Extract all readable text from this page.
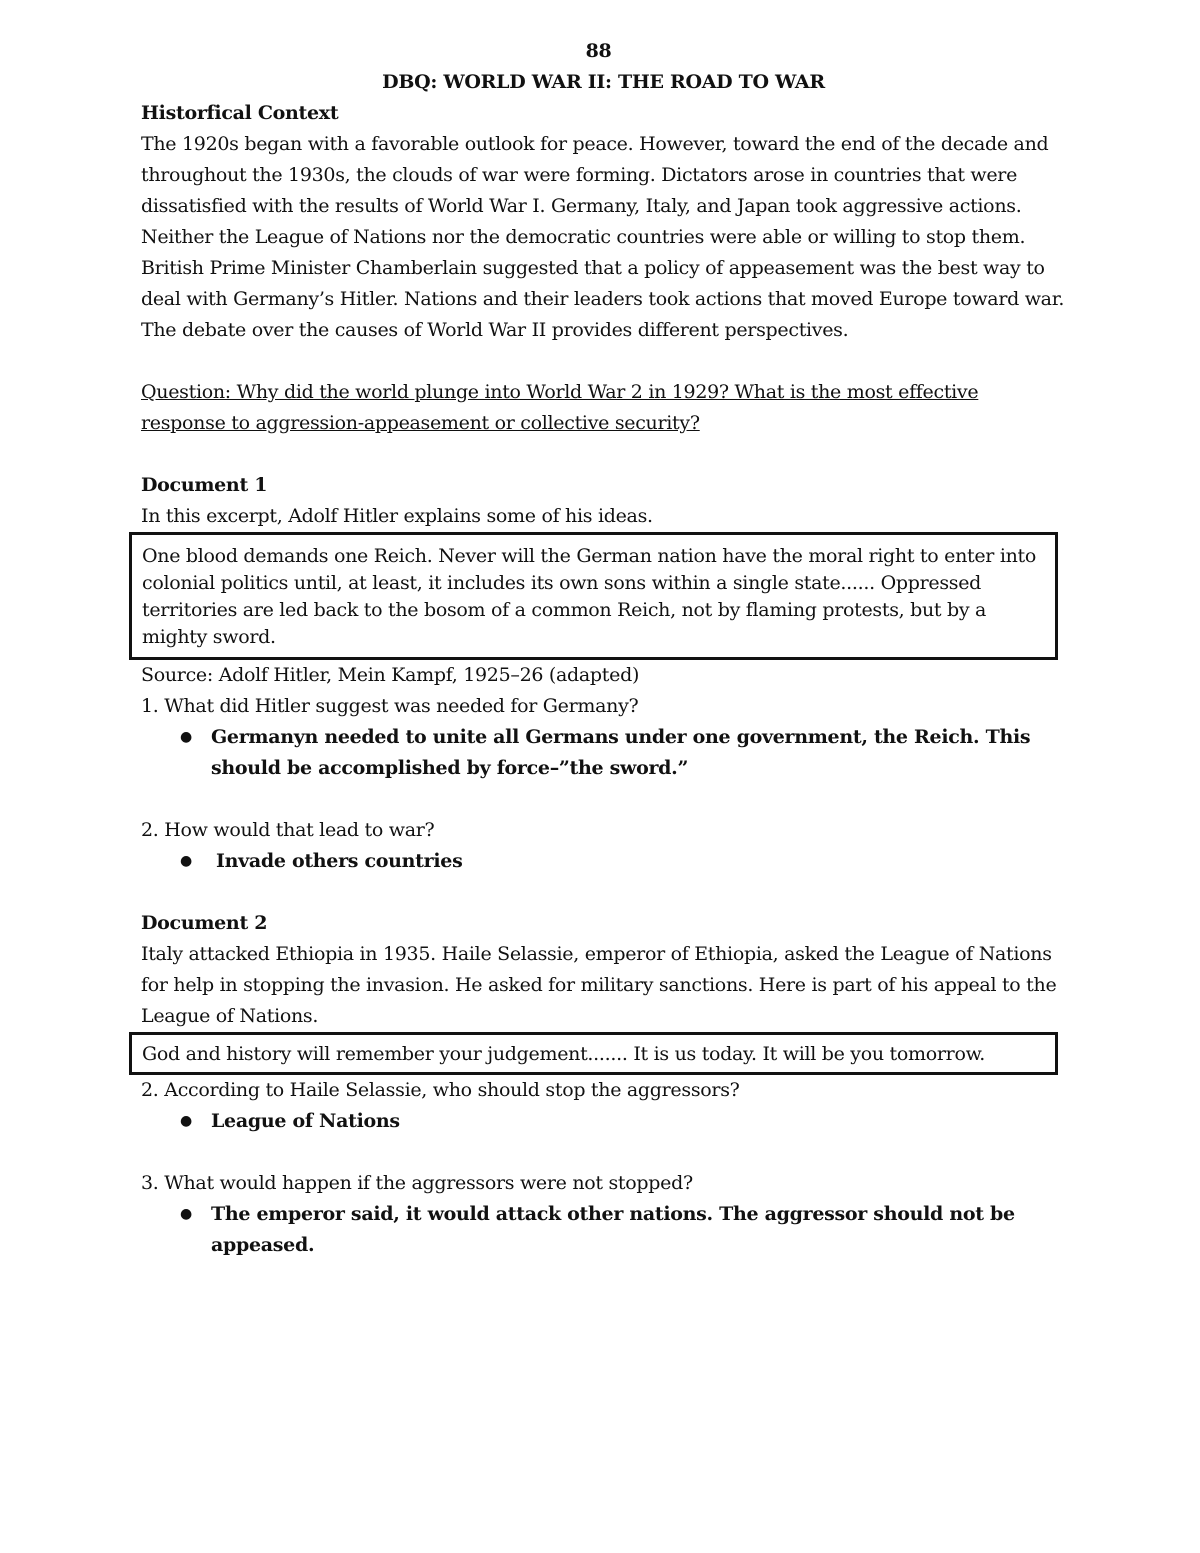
88
DBQ: WORLD WAR II: THE ROAD TO WAR
Historfical Context

The 1920s began with a favorable outlook for peace. However, toward the end of the decade and throughout the 1930s, the clouds of war were forming. Dictators arose in countries that were dissatisfied with the results of World War I. Germany, Italy, and Japan took aggressive actions. Neither the League of Nations nor the democratic countries were able or willing to stop them. British Prime Minister Chamberlain suggested that a policy of appeasement was the best way to deal with Germany’s Hitler. Nations and their leaders took actions that moved Europe toward war. The debate over the causes of World War II provides different perspectives.

Question: Why did the world plunge into World War 2 in 1929? What is the most effective response to aggression-appeasement or collective security?

Document 1

In this excerpt, Adolf Hitler explains some of his ideas.

One blood demands one Reich. Never will the German nation have the moral right to enter into colonial politics until, at least, it includes its own sons within a single state...... Oppressed territories are led back to the bosom of a common Reich, not by flaming protests, but by a mighty sword.

Source: Adolf Hitler, Mein Kampf, 1925–26 (adapted)

1. What did Hitler suggest was needed for Germany?

● Germanyn needed to unite all Germans under one government, the Reich. This should be accomplished by force–”the sword.”

2. How would that lead to war?

● Invade others countries
Document 2

Italy attacked Ethiopia in 1935. Haile Selassie, emperor of Ethiopia, asked the League of Nations for help in stopping the invasion. He asked for military sanctions. Here is part of his appeal to the League of Nations.

God and history will remember your judgement....... It is us today. It will be you tomorrow.

2. According to Haile Selassie, who should stop the aggressors?

● League of Nations

3. What would happen if the aggressors were not stopped?

● The emperor said, it would attack other nations. The aggressor should not be appeased.
